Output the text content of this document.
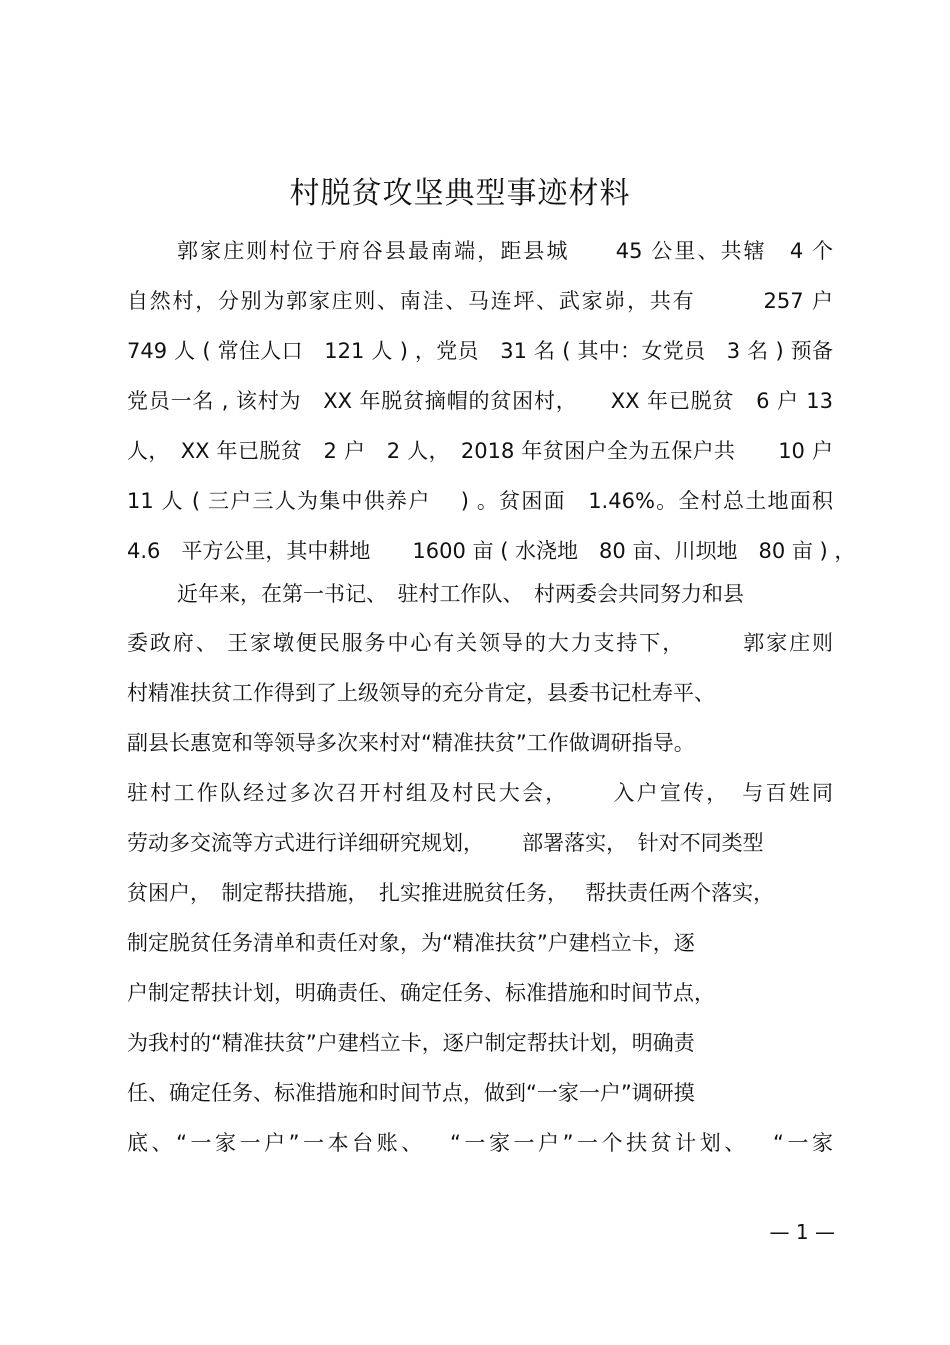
村脱贫攻坚典型事迹材料
郭家庄则村位于府谷县最南端，距县城　　45 公里、共辖　4 个
自然村，分别为郭家庄则、南洼、马连坪、武家峁，共有　　　257 户
749 人 ( 常住人口　121 人 ) ，党员　31 名 ( 其中：女党员　3 名 ) 预备
党员一名 , 该村为　XX 年脱贫摘帽的贫困村，　　XX 年已脱贫　6 户 13
人，　XX 年已脱贫　2 户　2 人，　2018 年贫困户全为五保户共　　10 户
11 人 ( 三户三人为集中供养户　 ) 。贫困面　1.46%。全村总土地面积
4.6　平方公里，其中耕地　　1600 亩 ( 水浇地　80 亩、川坝地　80 亩 ) ，
近年来，在第一书记、　驻村工作队、　村两委会共同努力和县
委政府、 王家墩便民服务中心有关领导的大力支持下，　　　郭家庄则
村精准扶贫工作得到了上级领导的充分肯定，县委书记杜寿平、
副县长惠宽和等领导多次来村对“精准扶贫”工作做调研指导。
驻村工作队经过多次召开村组及村民大会，　　 入户宣传，　与百姓同
劳动多交流等方式进行详细研究规划，　　 部署落实，　针对不同类型
贫困户，　制定帮扶措施，　扎实推进脱贫任务，　 帮扶责任两个落实，
制定脱贫任务清单和责任对象，为“精准扶贫”户建档立卡，逐
户制定帮扶计划，明确责任、确定任务、标准措施和时间节点，
为我村的“精准扶贫”户建档立卡，逐户制定帮扶计划，明确责
任、确定任务、标准措施和时间节点，做到“一家一户”调研摸
底、“一家一户”一本台账、　 “一家一户”一个扶贫计划、　 “一家
— 1 —
